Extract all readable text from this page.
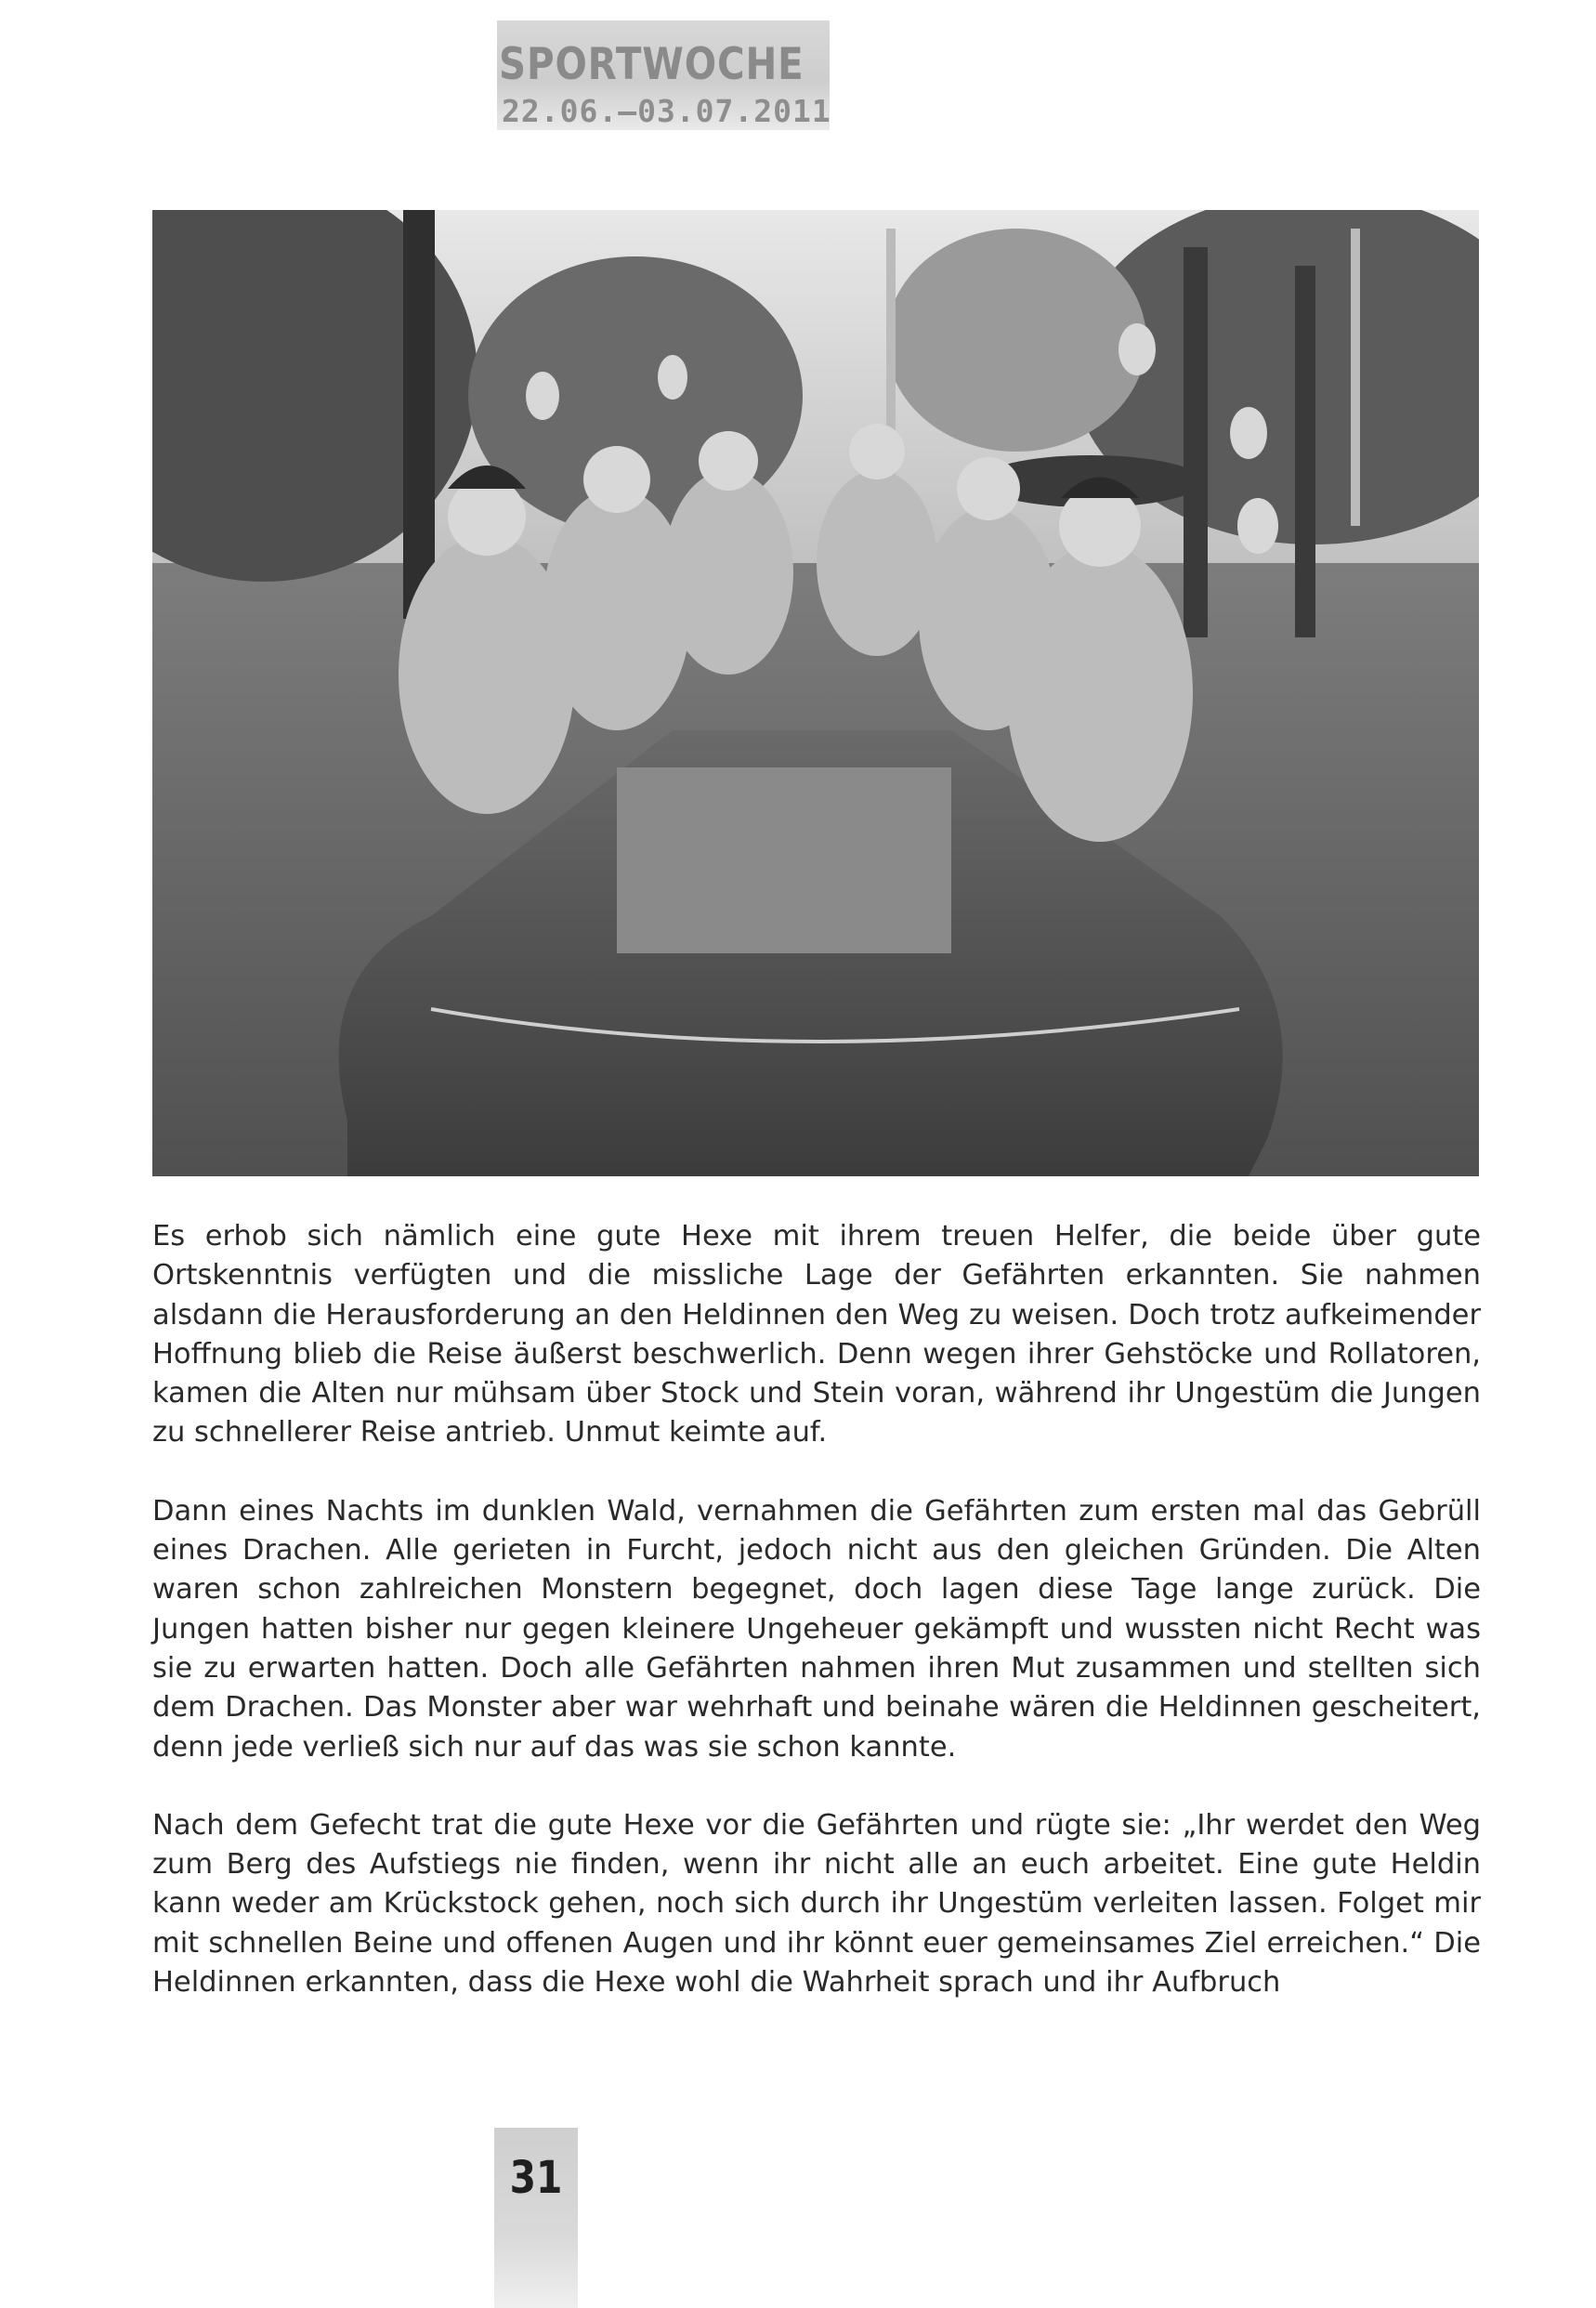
SPORTWOCHE
22.06.–03.07.2011

Es erhob sich nämlich eine gute Hexe mit ihrem treuen Helfer, die beide über gute Ortskenntnis verfügten und die missliche Lage der Gefährten erkannten. Sie nahmen alsdann die Herausforderung an den Heldinnen den Weg zu weisen. Doch trotz aufkeimender Hoffnung blieb die Reise äußerst beschwerlich. Denn wegen ihrer Gehstöcke und Rollatoren, kamen die Alten nur mühsam über Stock und Stein voran, während ihr Ungestüm die Jungen zu schnellerer Reise antrieb. Unmut keimte auf.

Dann eines Nachts im dunklen Wald, vernahmen die Gefährten zum ersten mal das Gebrüll eines Drachen. Alle gerieten in Furcht, jedoch nicht aus den gleichen Gründen. Die Alten waren schon zahlreichen Monstern begegnet, doch lagen diese Tage lange zurück. Die Jungen hatten bisher nur gegen kleinere Ungeheuer gekämpft und wussten nicht Recht was sie zu erwarten hatten. Doch alle Gefährten nahmen ihren Mut zusammen und stellten sich dem Drachen. Das Monster aber war wehrhaft und beinahe wären die Heldinnen gescheitert, denn jede verließ sich nur auf das was sie schon kannte.

Nach dem Gefecht trat die gute Hexe vor die Gefährten und rügte sie: „Ihr werdet den Weg zum Berg des Aufstiegs nie finden, wenn ihr nicht alle an euch arbeitet. Eine gute Heldin kann weder am Krückstock gehen, noch sich durch ihr Ungestüm verleiten lassen. Folget mir mit schnellen Beine und offenen Augen und ihr könnt euer gemeinsames Ziel erreichen.“ Die Heldinnen erkannten, dass die Hexe wohl die Wahrheit sprach und ihr Aufbruch

31
